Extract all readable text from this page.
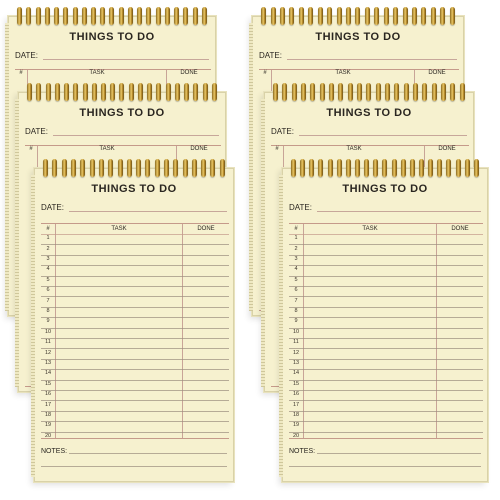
THINGS TO DO
DATE:
#	TASK	DONE
THINGS TO DO
DATE:
#	TASK	DONE
THINGS TO DO
DATE:
#	TASK	DONE
1
2
3
4
5
6
7
8
9
10
11
12
13
14
15
16
17
18
19
20
NOTES:
THINGS TO DO
DATE:
#	TASK	DONE
THINGS TO DO
DATE:
#	TASK	DONE
THINGS TO DO
DATE:
#	TASK	DONE
1
2
3
4
5
6
7
8
9
10
11
12
13
14
15
16
17
18
19
20
NOTES:
